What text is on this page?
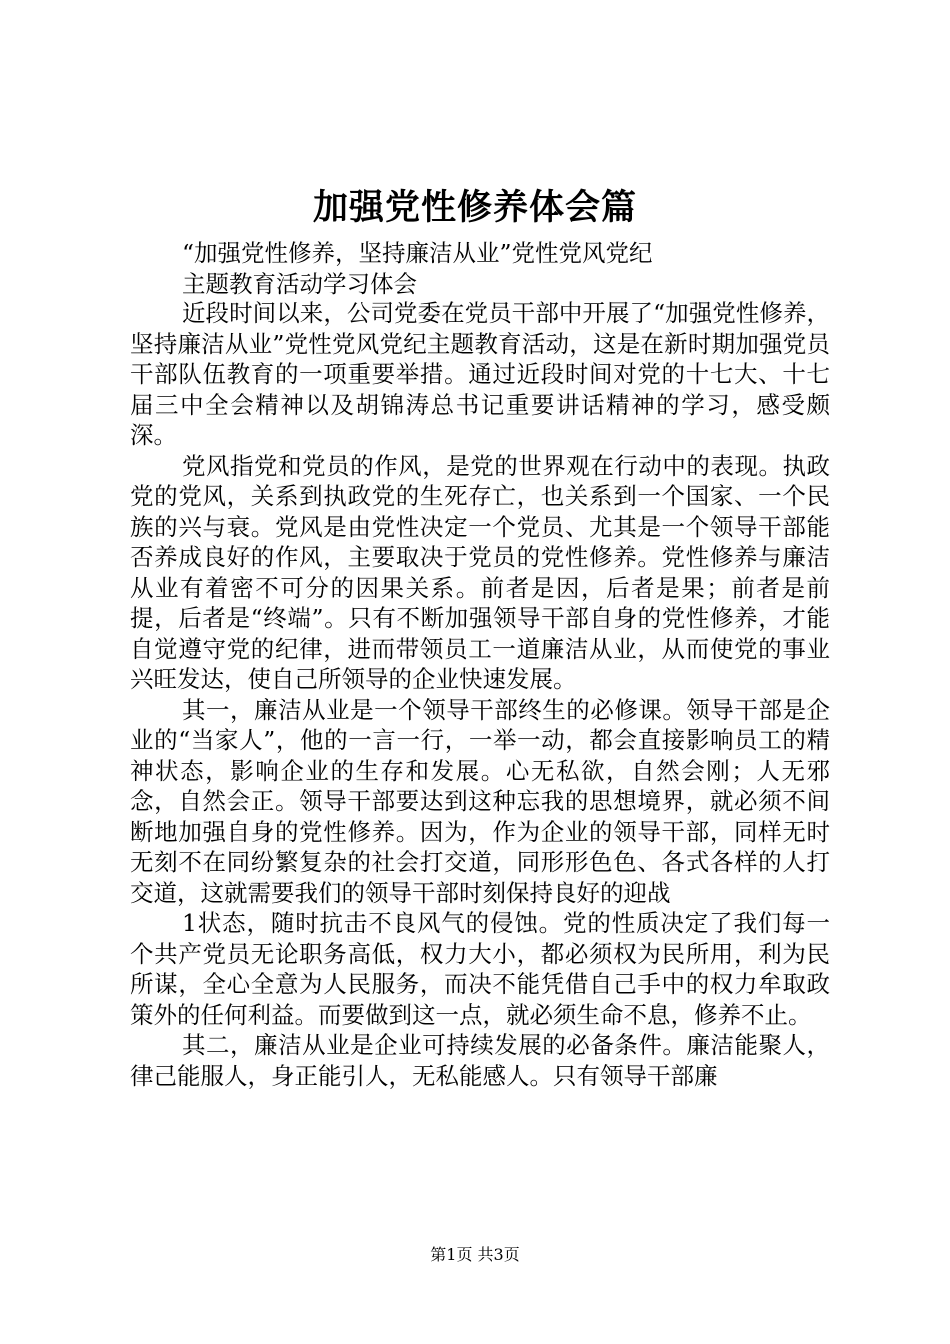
加强党性修养体会篇

“加强党性修养，坚持廉洁从业”党性党风党纪

主题教育活动学习体会

近段时间以来，公司党委在党员干部中开展了“加强党性修养，坚持廉洁从业”党性党风党纪主题教育活动，这是在新时期加强党员干部队伍教育的一项重要举措。通过近段时间对党的十七大、十七届三中全会精神以及胡锦涛总书记重要讲话精神的学习，感受颇深。

党风指党和党员的作风，是党的世界观在行动中的表现。执政党的党风，关系到执政党的生死存亡，也关系到一个国家、一个民族的兴与衰。党风是由党性决定一个党员、尤其是一个领导干部能否养成良好的作风，主要取决于党员的党性修养。党性修养与廉洁从业有着密不可分的因果关系。前者是因，后者是果；前者是前提，后者是“终端”。只有不断加强领导干部自身的党性修养，才能自觉遵守党的纪律，进而带领员工一道廉洁从业，从而使党的事业兴旺发达，使自己所领导的企业快速发展。

其一，廉洁从业是一个领导干部终生的必修课。领导干部是企业的“当家人”，他的一言一行，一举一动，都会直接影响员工的精神状态，影响企业的生存和发展。心无私欲，自然会刚；人无邪念，自然会正。领导干部要达到这种忘我的思想境界，就必须不间断地加强自身的党性修养。因为，作为企业的领导干部，同样无时无刻不在同纷繁复杂的社会打交道，同形形色色、各式各样的人打交道，这就需要我们的领导干部时刻保持良好的迎战

1状态，随时抗击不良风气的侵蚀。党的性质决定了我们每一个共产党员无论职务高低，权力大小，都必须权为民所用，利为民所谋，全心全意为人民服务，而决不能凭借自己手中的权力牟取政策外的任何利益。而要做到这一点，就必须生命不息，修养不止。

其二，廉洁从业是企业可持续发展的必备条件。廉洁能聚人，律己能服人，身正能引人，无私能感人。只有领导干部廉

第1页 共3页
